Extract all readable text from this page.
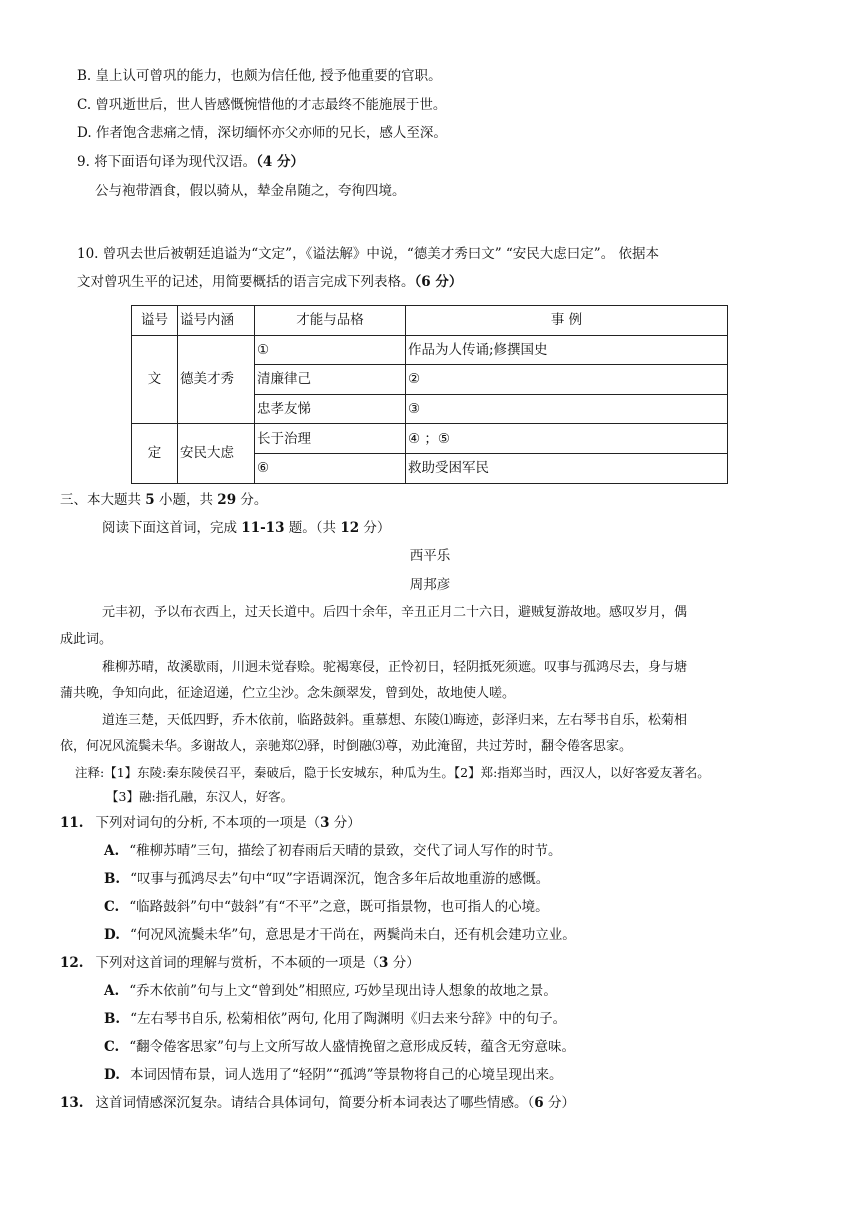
B. 皇上认可曾巩的能力，也颇为信任他, 授予他重要的官职。
C. 曾巩逝世后，世人皆感慨惋惜他的才志最终不能施展于世。
D. 作者饱含悲痛之情，深切缅怀亦父亦师的兄长，感人至深。
9. 将下面语句译为现代汉语。（4 分）
公与袍带酒食，假以骑从，辇金帛随之，夸徇四境。
10. 曾巩去世后被朝廷追谥为“文定”，《谥法解》中说，“德美才秀曰文” “安民大虑曰定”。 依据本
文对曾巩生平的记述，用简要概括的语言完成下列表格。（6 分）
谥号	谥号内涵	才能与品格	事 例
文	德美才秀	①	作品为人传诵;修撰国史
		清廉律己	②
		忠孝友悌	③
定	安民大虑	长于治理	④ ；⑤
		⑥	救助受困军民
三、本大题共 5 小题，共 29 分。
阅读下面这首词，完成 11-13 题。（共 12 分）
西平乐
周邦彦
元丰初，予以布衣西上，过天长道中。后四十余年，辛丑正月二十六日，避贼复游故地。感叹岁月，偶
成此词。
稚柳苏晴，故溪歇雨，川迥未觉春赊。驼褐寒侵，正怜初日，轻阴抵死须遮。叹事与孤鸿尽去，身与塘
蒲共晚，争知向此，征途迢递，伫立尘沙。念朱颜翠发，曾到处，故地使人嗟。
道连三楚，天低四野，乔木依前，临路鼓斜。重慕想、东陵⑴晦迹，彭泽归来，左右琴书自乐，松菊相
依，何况风流鬓未华。多谢故人，亲驰郑⑵驿，时倒融⑶尊，劝此淹留，共过芳时，翻令倦客思家。
注释:【1】东陵:秦东陵侯召平，秦破后，隐于长安城东，种瓜为生。【2】郑:指郑当时，西汉人，以好客爱友著名。
【3】融:指孔融，东汉人，好客。
11. 下列对词句的分析, 不本项的一项是（3 分）
A. “稚柳苏晴”三句，描绘了初春雨后天晴的景致，交代了词人写作的时节。
B. “叹事与孤鸿尽去”句中“叹”字语调深沉，饱含多年后故地重游的感慨。
C. “临路鼓斜”句中“鼓斜”有“不平”之意，既可指景物，也可指人的心境。
D. “何况风流鬓未华”句，意思是才干尚在，两鬓尚未白，还有机会建功立业。
12. 下列对这首词的理解与赏析，不本硕的一项是（3 分）
A. “乔木依前”句与上文“曾到处”相照应, 巧妙呈现出诗人想象的故地之景。
B. “左右琴书自乐, 松菊相依”两句, 化用了陶渊明《归去来兮辞》中的句子。
C. “翻令倦客思家”句与上文所写故人盛情挽留之意形成反转，蕴含无穷意味。
D. 本词因情布景，词人选用了“轻阴”“孤鸿”等景物将自己的心境呈现出来。
13. 这首词情感深沉复杂。请结合具体词句，简要分析本词表达了哪些情感。（6 分）
